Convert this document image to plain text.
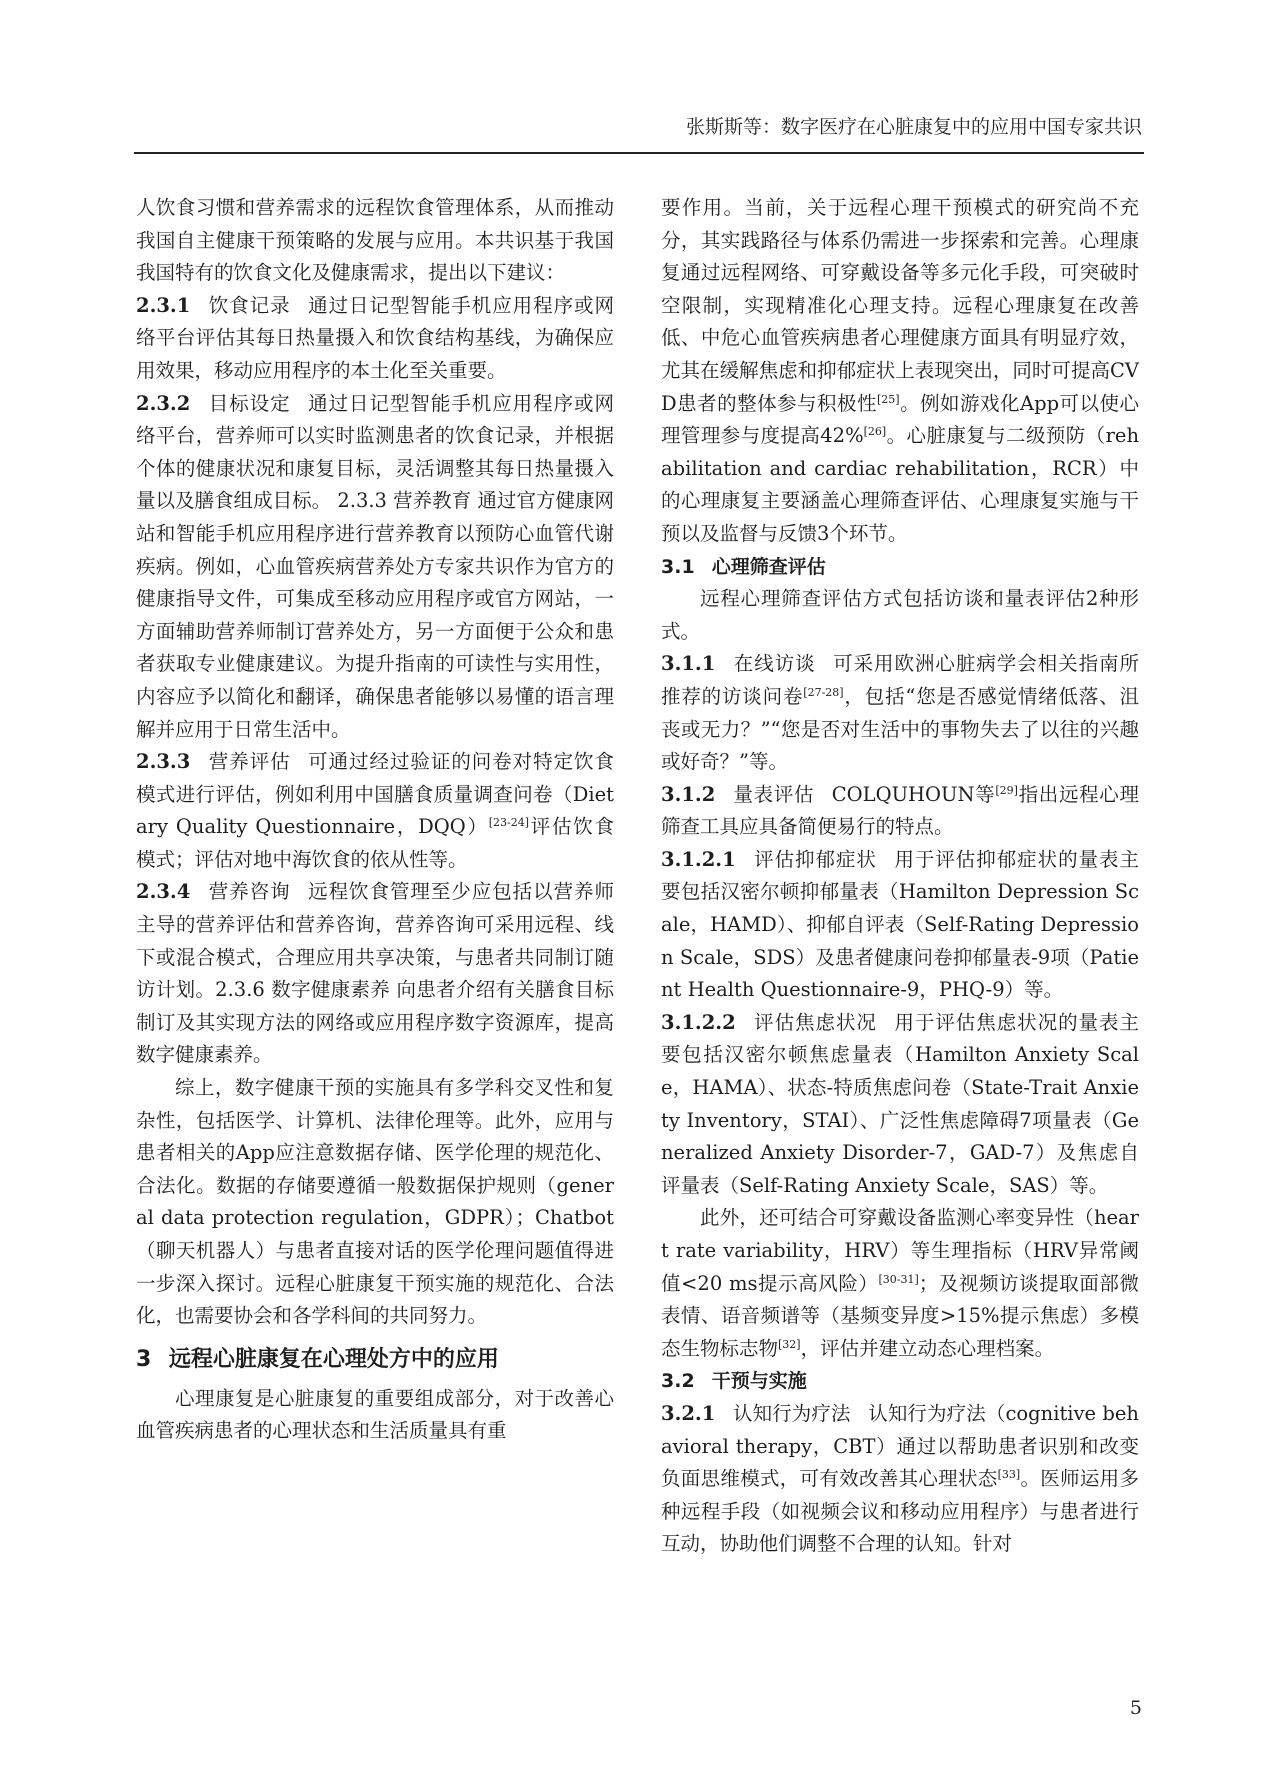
张斯斯等：数字医疗在心脏康复中的应用中国专家共识

人饮食习惯和营养需求的远程饮食管理体系，从而推动我国自主健康干预策略的发展与应用。本共识基于我国我国特有的饮食文化及健康需求，提出以下建议：

2.3.1 饮食记录 通过日记型智能手机应用程序或网络平台评估其每日热量摄入和饮食结构基线，为确保应用效果，移动应用程序的本土化至关重要。

2.3.2 目标设定 通过日记型智能手机应用程序或网络平台，营养师可以实时监测患者的饮食记录，并根据个体的健康状况和康复目标，灵活调整其每日热量摄入量以及膳食组成目标。 2.3.3 营养教育 通过官方健康网站和智能手机应用程序进行营养教育以预防心血管代谢疾病。例如，心血管疾病营养处方专家共识作为官方的健康指导文件，可集成至移动应用程序或官方网站，一方面辅助营养师制订营养处方，另一方面便于公众和患者获取专业健康建议。为提升指南的可读性与实用性，内容应予以简化和翻译，确保患者能够以易懂的语言理解并应用于日常生活中。

2.3.3 营养评估 可通过经过验证的问卷对特定饮食模式进行评估，例如利用中国膳食质量调查问卷（Dietary Quality Questionnaire，DQQ）[23-24]评估饮食模式；评估对地中海饮食的依从性等。

2.3.4 营养咨询 远程饮食管理至少应包括以营养师主导的营养评估和营养咨询，营养咨询可采用远程、线下或混合模式，合理应用共享决策，与患者共同制订随访计划。2.3.6 数字健康素养 向患者介绍有关膳食目标制订及其实现方法的网络或应用程序数字资源库，提高数字健康素养。

综上，数字健康干预的实施具有多学科交叉性和复杂性，包括医学、计算机、法律伦理等。此外，应用与患者相关的App应注意数据存储、医学伦理的规范化、合法化。数据的存储要遵循一般数据保护规则（general data protection regulation，GDPR）；Chatbot（聊天机器人）与患者直接对话的医学伦理问题值得进一步深入探讨。远程心脏康复干预实施的规范化、合法化，也需要协会和各学科间的共同努力。

3 远程心脏康复在心理处方中的应用

心理康复是心脏康复的重要组成部分，对于改善心血管疾病患者的心理状态和生活质量具有重

要作用。当前，关于远程心理干预模式的研究尚不充分，其实践路径与体系仍需进一步探索和完善。心理康复通过远程网络、可穿戴设备等多元化手段，可突破时空限制，实现精准化心理支持。远程心理康复在改善低、中危心血管疾病患者心理健康方面具有明显疗效，尤其在缓解焦虑和抑郁症状上表现突出，同时可提高CVD患者的整体参与积极性[25]。例如游戏化App可以使心理管理参与度提高42%[26]。心脏康复与二级预防（rehabilitation and cardiac rehabilitation，RCR）中的心理康复主要涵盖心理筛查评估、心理康复实施与干预以及监督与反馈3个环节。

3.1 心理筛查评估

远程心理筛查评估方式包括访谈和量表评估2种形式。

3.1.1 在线访谈 可采用欧洲心脏病学会相关指南所推荐的访谈问卷[27-28]，包括“您是否感觉情绪低落、沮丧或无力？”“您是否对生活中的事物失去了以往的兴趣或好奇？”等。

3.1.2 量表评估 COLQUHOUN等[29]指出远程心理筛查工具应具备简便易行的特点。

3.1.2.1 评估抑郁症状 用于评估抑郁症状的量表主要包括汉密尔顿抑郁量表（Hamilton Depression Scale，HAMD）、抑郁自评表（Self-Rating Depression Scale，SDS）及患者健康问卷抑郁量表-9项（Patient Health Questionnaire-9，PHQ-9）等。

3.1.2.2 评估焦虑状况 用于评估焦虑状况的量表主要包括汉密尔顿焦虑量表（Hamilton Anxiety Scale，HAMA）、状态-特质焦虑问卷（State-Trait Anxiety Inventory，STAI）、广泛性焦虑障碍7项量表（Generalized Anxiety Disorder-7，GAD-7）及焦虑自评量表（Self-Rating Anxiety Scale，SAS）等。

此外，还可结合可穿戴设备监测心率变异性（heart rate variability，HRV）等生理指标（HRV异常阈值<20 ms提示高风险）[30-31]；及视频访谈提取面部微表情、语音频谱等（基频变异度>15%提示焦虑）多模态生物标志物[32]，评估并建立动态心理档案。

3.2 干预与实施

3.2.1 认知行为疗法 认知行为疗法（cognitive behavioral therapy，CBT）通过以帮助患者识别和改变负面思维模式，可有效改善其心理状态[33]。医师运用多种远程手段（如视频会议和移动应用程序）与患者进行互动，协助他们调整不合理的认知。针对

5
